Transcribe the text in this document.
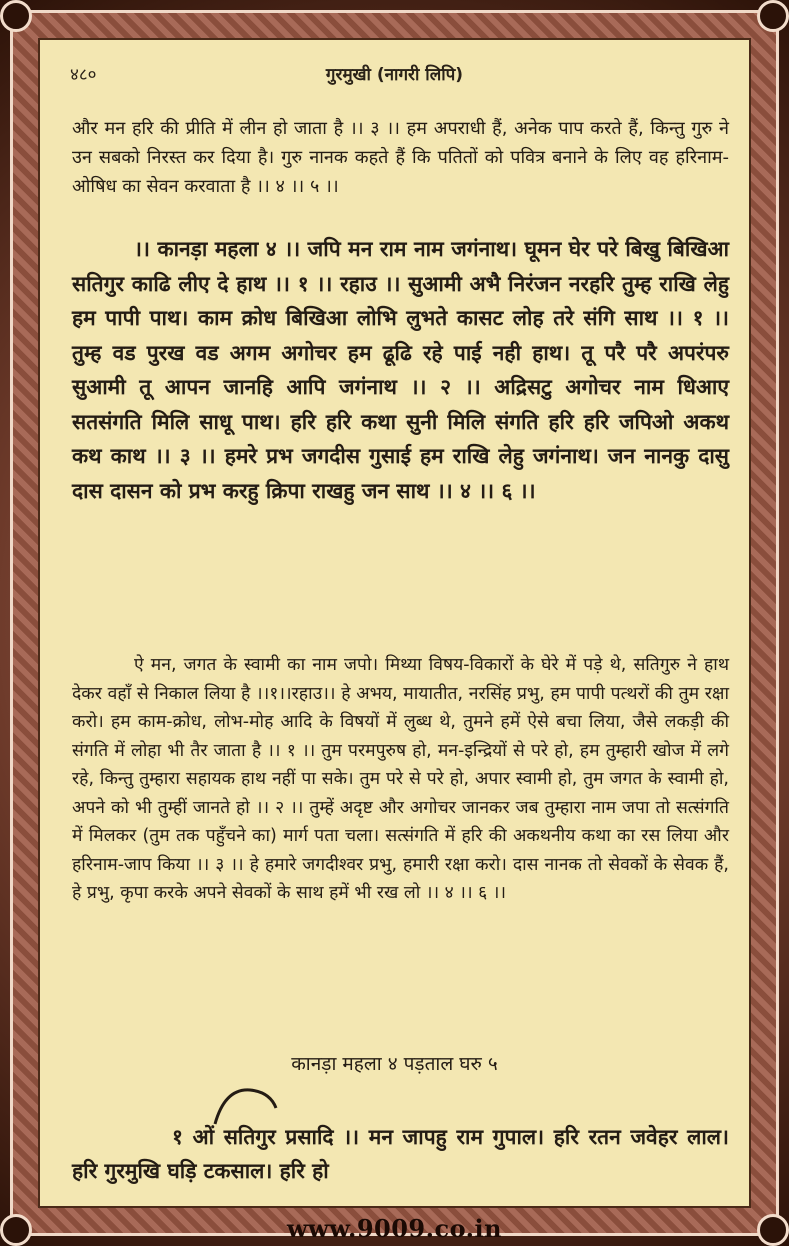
४८०	गुरमुखी (नागरी लिपि)
और मन हरि की प्रीति में लीन हो जाता है ।। ३ ।। हम अपराधी हैं, अनेक पाप करते हैं, किन्तु गुरु ने उन सबको निरस्त कर दिया है। गुरु नानक कहते हैं कि पतितों को पवित्र बनाने के लिए वह हरिनाम-ओषिध का सेवन करवाता है ।। ४ ।। ५ ।।
।। कानड़ा महला ४ ।। जपि मन राम नाम जगंनाथ। घूमन घेर परे बिखु बिखिआ सतिगुर काढि लीए दे हाथ ।। १ ।। रहाउ ।। सुआमी अभै निरंजन नरहरि तुम्ह राखि लेहु हम पापी पाथ। काम क्रोध बिखिआ लोभि लुभते कासट लोह तरे संगि साथ ।। १ ।। तुम्ह वड पुरख वड अगम अगोचर हम ढूढि रहे पाई नही हाथ। तू परै परै अपरंपरु सुआमी तू आपन जानहि आपि जगंनाथ ।। २ ।। अद्रिसटु अगोचर नाम धिआए सतसंगति मिलि साधू पाथ। हरि हरि कथा सुनी मिलि संगति हरि हरि जपिओ अकथ कथ काथ ।। ३ ।। हमरे प्रभ जगदीस गुसाई हम राखि लेहु जगंनाथ। जन नानकु दासु दास दासन को प्रभ करहु क्रिपा राखहु जन साथ ।। ४ ।। ६ ।।
ऐ मन, जगत के स्वामी का नाम जपो। मिथ्या विषय-विकारों के घेरे में पड़े थे, सतिगुरु ने हाथ देकर वहाँ से निकाल लिया है ।।१।।रहाउ।। हे अभय, मायातीत, नरसिंह प्रभु, हम पापी पत्थरों की तुम रक्षा करो। हम काम-क्रोध, लोभ-मोह आदि के विषयों में लुब्ध थे, तुमने हमें ऐसे बचा लिया, जैसे लकड़ी की संगति में लोहा भी तैर जाता है ।। १ ।। तुम परमपुरुष हो, मन-इन्द्रियों से परे हो, हम तुम्हारी खोज में लगे रहे, किन्तु तुम्हारा सहायक हाथ नहीं पा सके। तुम परे से परे हो, अपार स्वामी हो, तुम जगत के स्वामी हो, अपने को भी तुम्हीं जानते हो ।। २ ।। तुम्हें अदृष्ट और अगोचर जानकर जब तुम्हारा नाम जपा तो सत्संगति में मिलकर (तुम तक पहुँचने का) मार्ग पता चला। सत्संगति में हरि की अकथनीय कथा का रस लिया और हरिनाम-जाप किया ।। ३ ।। हे हमारे जगदीश्वर प्रभु, हमारी रक्षा करो। दास नानक तो सेवकों के सेवक हैं, हे प्रभु, कृपा करके अपने सेवकों के साथ हमें भी रख लो ।। ४ ।। ६ ।।
कानड़ा महला ४ पड़ताल घरु ५
१ ओं सतिगुर प्रसादि ।। मन जापहु राम गुपाल। हरि रतन जवेहर लाल। हरि गुरमुखि घड़ि टकसाल। हरि हो
www.9009.co.in
